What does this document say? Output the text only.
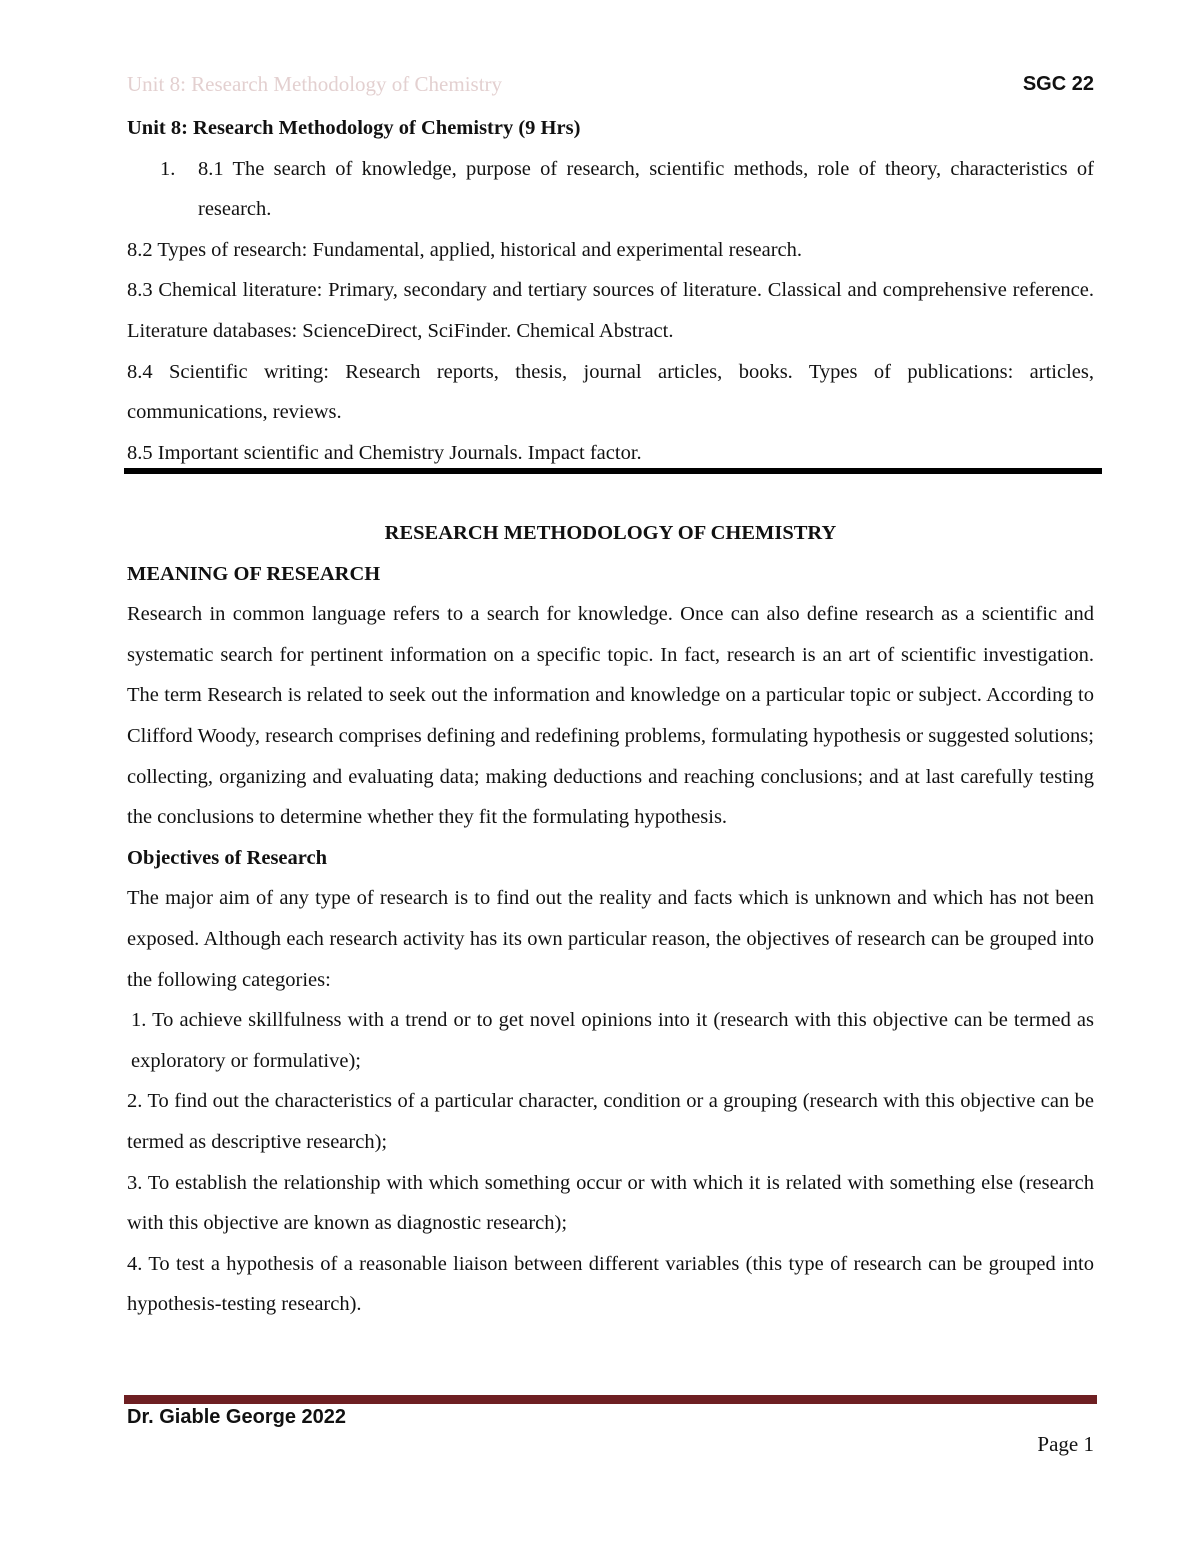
Unit 8: Research Methodology of Chemistry	SGC 22

Unit 8: Research Methodology of Chemistry (9 Hrs)

1.	8.1 The search of knowledge, purpose of research, scientific methods, role of theory, characteristics of research.

8.2 Types of research: Fundamental, applied, historical and experimental research.

8.3 Chemical literature: Primary, secondary and tertiary sources of literature. Classical and comprehensive reference. Literature databases: ScienceDirect, SciFinder. Chemical Abstract.

8.4 Scientific writing: Research reports, thesis, journal articles, books. Types of publications: articles, communications, reviews.

8.5 Important scientific and Chemistry Journals. Impact factor.

RESEARCH METHODOLOGY OF CHEMISTRY

MEANING OF RESEARCH

Research in common language refers to a search for knowledge. Once can also define research as a scientific and systematic search for pertinent information on a specific topic. In fact, research is an art of scientific investigation. The term Research is related to seek out the information and knowledge on a particular topic or subject. According to Clifford Woody, research comprises defining and redefining problems, formulating hypothesis or suggested solutions; collecting, organizing and evaluating data; making deductions and reaching conclusions; and at last carefully testing the conclusions to determine whether they fit the formulating hypothesis.

Objectives of Research

The major aim of any type of research is to find out the reality and facts which is unknown and which has not been exposed. Although each research activity has its own particular reason, the objectives of research can be grouped into the following categories:

1. To achieve skillfulness with a trend or to get novel opinions into it (research with this objective can be termed as exploratory or formulative);

2. To find out the characteristics of a particular character, condition or a grouping (research with this objective can be termed as descriptive research);

3. To establish the relationship with which something occur or with which it is related with something else (research with this objective are known as diagnostic research);

4. To test a hypothesis of a reasonable liaison between different variables (this type of research can be grouped into hypothesis-testing research).

Dr. Giable George 2022
Page 1
